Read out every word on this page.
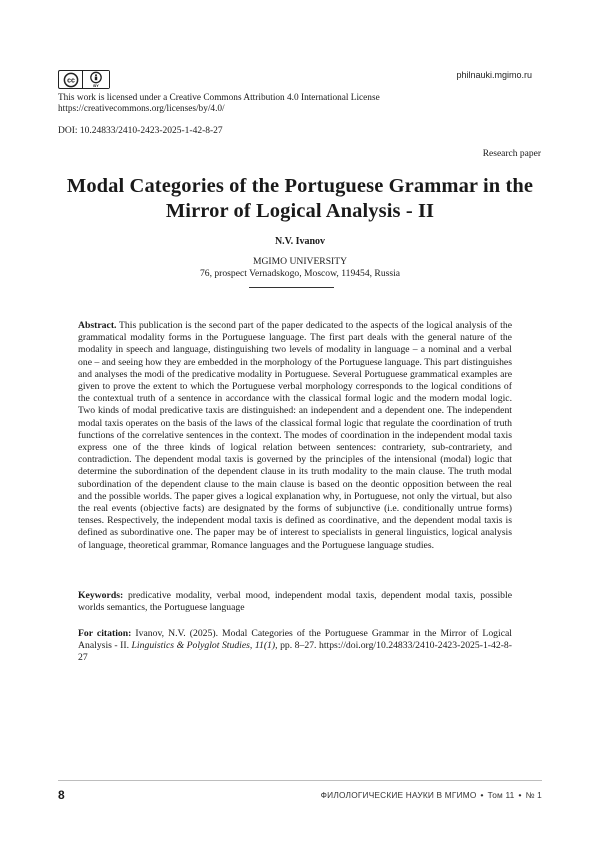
cc
BY
philnauki.mgimo.ru
This work is licensed under a Creative Commons Attribution 4.0 International License
https://creativecommons.org/licenses/by/4.0/
DOI: 10.24833/2410-2423-2025-1-42-8-27
Research paper
Modal Categories of the Portuguese Grammar in the Mirror of Logical Analysis - II
N.V. Ivanov
MGIMO UNIVERSITY
76, prospect Vernadskogo, Moscow, 119454, Russia
Abstract. This publication is the second part of the paper dedicated to the aspects of the logical analysis of the grammatical modality forms in the Portuguese language. The first part deals with the general nature of the modality in speech and language, distinguishing two levels of modality in language – a nominal and a verbal one – and seeing how they are embedded in the morphology of the Portuguese language. This part distinguishes and analyses the modi of the predicative modality in Portuguese. Several Portuguese grammatical examples are given to prove the extent to which the Portuguese verbal morphology corresponds to the logical conditions of the contextual truth of a sentence in accordance with the classical formal logic and the modern modal logic. Two kinds of modal predicative taxis are distinguished: an independent and a dependent one. The independent modal taxis operates on the basis of the laws of the classical formal logic that regulate the coordination of truth functions of the correlative sentences in the context. The modes of coordination in the independent modal taxis express one of the three kinds of logical relation between sentences: contrariety, sub-contrariety, and contradiction. The dependent modal taxis is governed by the principles of the intensional (modal) logic that determine the subordination of the dependent clause in its truth modality to the main clause. The truth modal subordination of the dependent clause to the main clause is based on the deontic opposition between the real and the possible worlds. The paper gives a logical explanation why, in Portuguese, not only the virtual, but also the real events (objective facts) are designated by the forms of subjunctive (i.e. conditionally untrue forms) tenses. Respectively, the independent modal taxis is defined as coordinative, and the dependent modal taxis is defined as subordinative one. The paper may be of interest to specialists in general linguistics, logical analysis of language, theoretical grammar, Romance languages and the Portuguese language studies.
Keywords: predicative modality, verbal mood, independent modal taxis, dependent modal taxis, possible worlds semantics, the Portuguese language
For citation: Ivanov, N.V. (2025). Modal Categories of the Portuguese Grammar in the Mirror of Logical Analysis - II. Linguistics & Polyglot Studies, 11(1), pp. 8–27. https://doi.org/10.24833/2410-2423-2025-1-42-8-27
8	ФИЛОЛОГИЧЕСКИЕ НАУКИ В МГИМО • Том 11 • № 1
